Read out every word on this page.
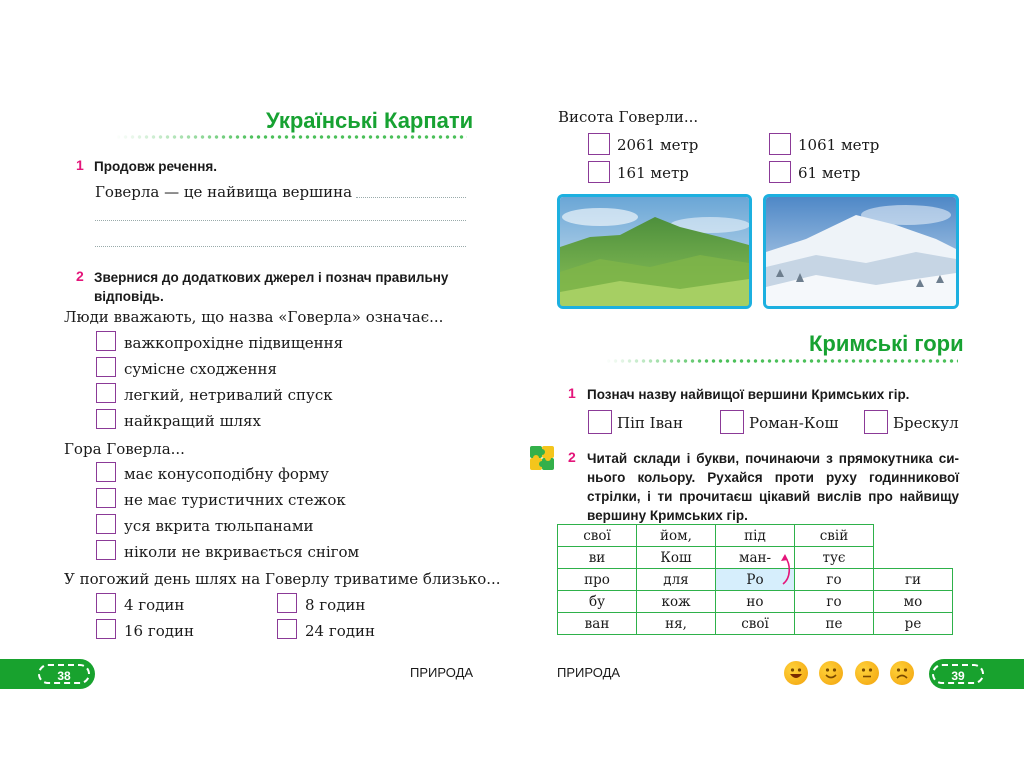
Українські Карпати
1 Продовж речення.
Говерла — це найвища вершина
2 Звернися до додаткових джерел і познач правильну
відповідь.
Люди вважають, що назва «Говерла» означає...
важкопрохідне підвищення
сумісне сходження
легкий, нетривалий спуск
найкращий шлях
Гора Говерла...
має конусоподібну форму
не має туристичних стежок
уся вкрита тюльпанами
ніколи не вкривається снігом
У погожий день шлях на Говерлу триватиме близько...
4 годин	8 годин
16 годин	24 годин
38	ПРИРОДА
Висота Говерли...
2061 метр	1061 метр
161 метр	61 метр
Кримські гори
1 Познач назву найвищої вершини Кримських гір.
Піп Іван	Роман-Кош	Брескул
2 Читай склади і букви, починаючи з прямокутника си-
нього кольору. Рухайся проти руху годинникової
стрілки, і ти прочитаєш цікавий вислів про найвищу
вершину Кримських гір.
свої	йом,	під	свій	
ви	Кош	ман-	тує	
про	для	Ро	го	ги
бу	кож	но	го	мо
ван	ня,	свої	пе	ре
ПРИРОДА	39
